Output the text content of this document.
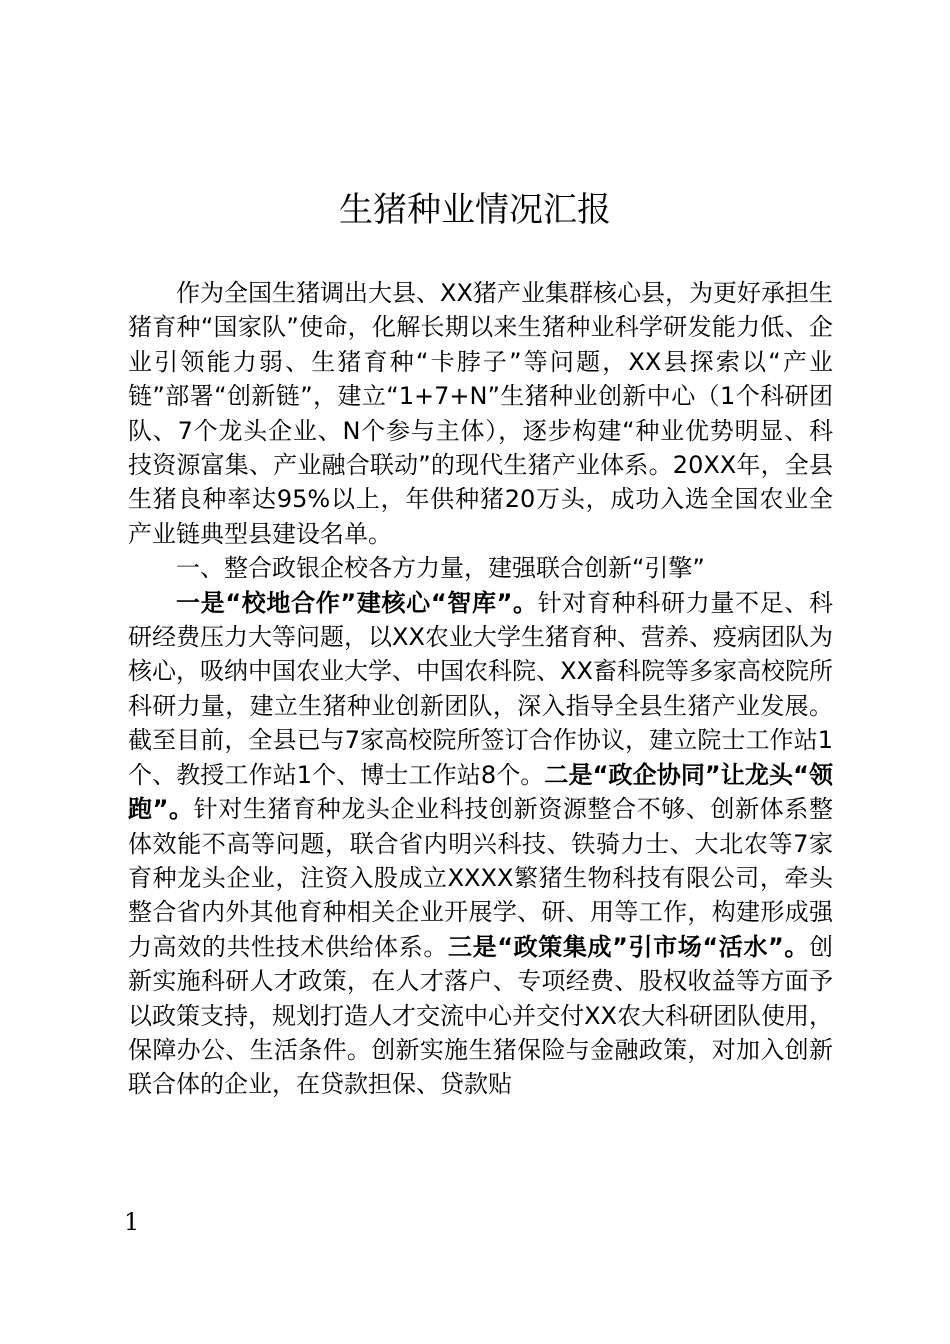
生猪种业情况汇报

作为全国生猪调出大县、XX猪产业集群核心县，为更好承担生猪育种“国家队”使命，化解长期以来生猪种业科学研发能力低、企业引领能力弱、生猪育种“卡脖子”等问题，XX县探索以“产业链”部署“创新链”，建立“1+7+N”生猪种业创新中心（1个科研团队、7个龙头企业、N个参与主体），逐步构建“种业优势明显、科技资源富集、产业融合联动”的现代生猪产业体系。20XX年，全县生猪良种率达95%以上，年供种猪20万头，成功入选全国农业全产业链典型县建设名单。

一、整合政银企校各方力量，建强联合创新“引擎”

一是“校地合作”建核心“智库”。针对育种科研力量不足、科研经费压力大等问题，以XX农业大学生猪育种、营养、疫病团队为核心，吸纳中国农业大学、中国农科院、XX畜科院等多家高校院所科研力量，建立生猪种业创新团队，深入指导全县生猪产业发展。截至目前，全县已与7家高校院所签订合作协议，建立院士工作站1个、教授工作站1个、博士工作站8个。二是“政企协同”让龙头“领跑”。针对生猪育种龙头企业科技创新资源整合不够、创新体系整体效能不高等问题，联合省内明兴科技、铁骑力士、大北农等7家育种龙头企业，注资入股成立XXXX繁猪生物科技有限公司，牵头整合省内外其他育种相关企业开展学、研、用等工作，构建形成强力高效的共性技术供给体系。三是“政策集成”引市场“活水”。创新实施科研人才政策，在人才落户、专项经费、股权收益等方面予以政策支持，规划打造人才交流中心并交付XX农大科研团队使用，保障办公、生活条件。创新实施生猪保险与金融政策，对加入创新联合体的企业，在贷款担保、贷款贴

1
